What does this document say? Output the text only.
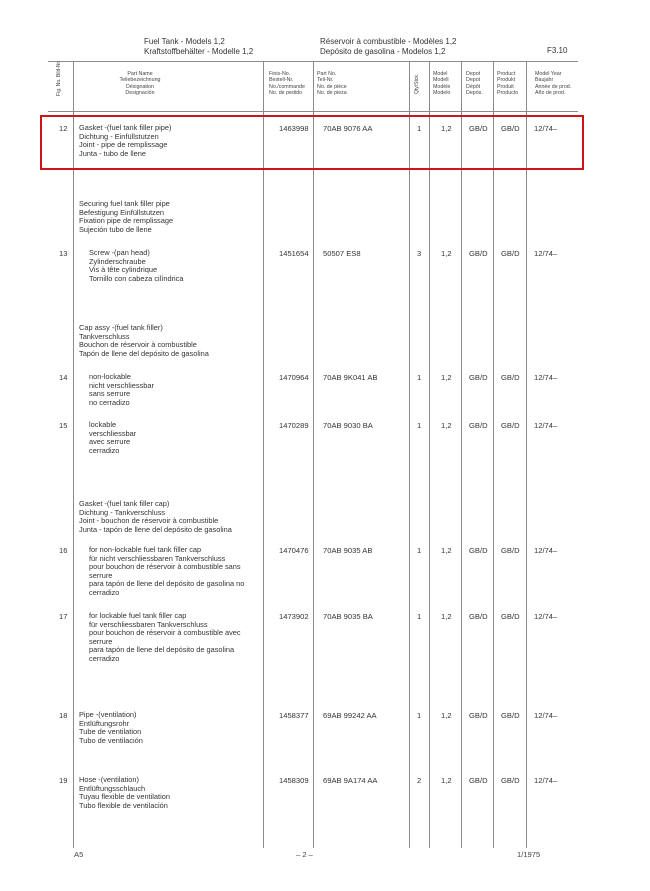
Fuel Tank - Models 1,2
Kraftstoffbehälter - Modelle 1,2
Réservoir à combustible - Modèles 1,2
Depósito de gasolina - Modelos 1,2	F3.10
Fig. No. Bild-Nr.	Part Name
Teilebezeichnung
Désignation
Designación
Finis-No.
Bestell-Nr.
No./commande
No. de pedido
Part No.
Teil-Nr.
No. de pièce
No. de pieza	Qty/Stck. Model
Modell
Modèle
Modelo
Depot
Depot
Dépôt
Depós.
Product
Produkt
Produit
Producto
Model Year
Baujahr
Année de prod.
Año de prod.
Gasket -(fuel tank filler pipe)
Dichtung - Einfüllstutzen
Joint - pipe de remplissage
Junta - tubo de llene
12	1463998 70AB 9076 AA	1	1,2 GB/D GB/D 12/74–
Securing fuel tank filler pipe
Befestigung Einfüllstutzen
Fixation pipe de remplissage
Sujeción tubo de llene
Screw -(pan head)
Zylinderschraube
Vis à tête cylindrique
Tornillo con cabeza cilíndrica
13	1451654 50507 ES8	3	1,2 GB/D GB/D 12/74–
Cap assy -(fuel tank filler)
Tankverschluss
Bouchon de réservoir à combustible
Tapón de llene del depósito de gasolina
non-lockable
nicht verschliessbar
sans serrure
no cerradizo
14	1470964 70AB 9K041 AB	1	1,2 GB/D GB/D 12/74–
lockable
verschliessbar
avec serrure
cerradizo
15	1470289 70AB 9030 BA	1	1,2 GB/D GB/D 12/74–
Gasket -(fuel tank filler cap)
Dichtung - Tankverschluss
Joint - bouchon de réservoir à combustible
Junta - tapón de llene del depósito de gasolina
for non-lockable fuel tank filler cap
für nicht verschliessbaren Tankverschluss
pour bouchon de réservoir à combustible sans
serrure
para tapón de llene del depósito de gasolina no
cerradizo
16	1470476 70AB 9035 AB	1	1,2 GB/D GB/D 12/74–
for lockable fuel tank filler cap
für verschliessbaren Tankverschluss
pour bouchon de réservoir à combustible avec
serrure
para tapón de llene del depósito de gasolina
cerradizo
17	1473902 70AB 9035 BA	1	1,2 GB/D GB/D 12/74–
Pipe -(ventilation)
Entlüftungsrohr
Tube de ventilation
Tubo de ventilación
18	1458377 69AB 99242 AA	1	1,2 GB/D GB/D 12/74–
Hose -(ventilation)
Entlüftungsschlauch
Tuyau flexible de ventilation
Tubo flexible de ventilación
19	1458309 69AB 9A174 AA	2	1,2 GB/D GB/D 12/74–
A5	– 2 –	1/1975
